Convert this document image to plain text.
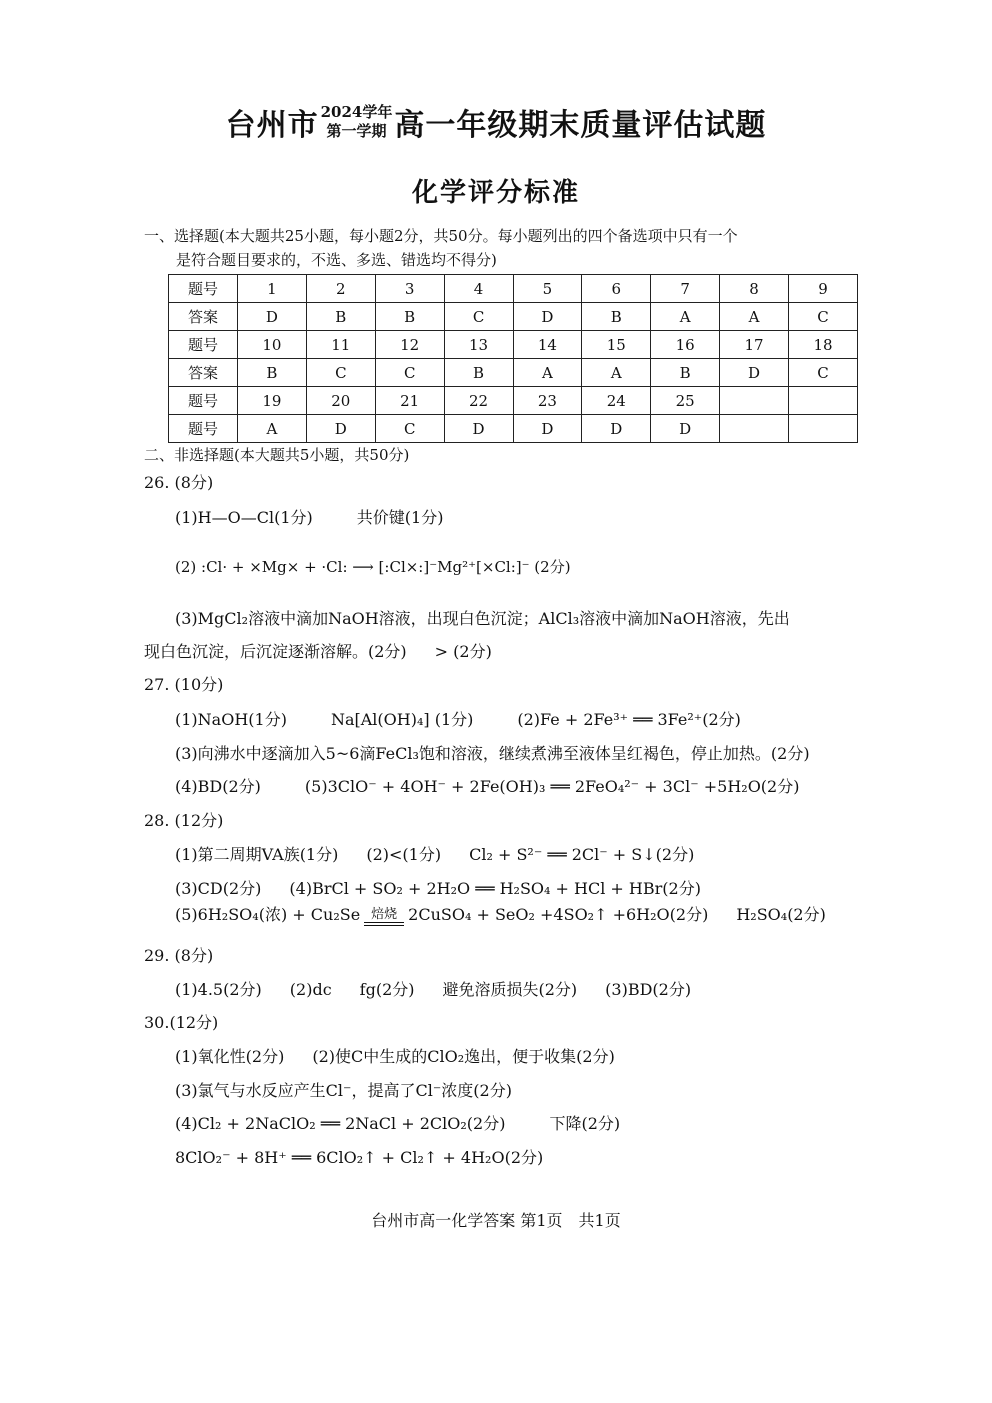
台州市 2024学年
第一学期 高一年级期末质量评估试题
化学评分标准
一、选择题(本大题共25小题，每小题2分，共50分。每小题列出的四个备选项中只有一个
是符合题目要求的，不选、多选、错选均不得分)
题号	1	2	3	4	5	6	7	8	9
答案	D	B	B	C	D	B	A	A	C
题号	10	11	12	13	14	15	16	17	18
答案	B	C	C	B	A	A	B	D	C
题号	19	20	21	22	23	24	25		
题号	A	D	C	D	D	D	D		
二、非选择题(本大题共5小题，共50分)
26. (8分)
(1)H—O—Cl(1分)	共价键(1分)
(2) :Cl· + ×Mg× + ·Cl: ⟶ [:Cl×:]⁻Mg²⁺[×Cl:]⁻ (2分)
(3)MgCl₂溶液中滴加NaOH溶液，出现白色沉淀；AlCl₃溶液中滴加NaOH溶液，先出
现白色沉淀，后沉淀逐渐溶解。(2分) > (2分)
27. (10分)
(1)NaOH(1分)	Na[Al(OH)₄] (1分)	(2)Fe + 2Fe³⁺ ══ 3Fe²⁺(2分)
(3)向沸水中逐滴加入5~6滴FeCl₃饱和溶液，继续煮沸至液体呈红褐色，停止加热。(2分)
(4)BD(2分)	(5)3ClO⁻ + 4OH⁻ + 2Fe(OH)₃ ══ 2FeO₄²⁻ + 3Cl⁻ +5H₂O(2分)
28. (12分)
(1)第二周期VA族(1分) (2)<(1分) Cl₂ + S²⁻ ══ 2Cl⁻ + S↓(2分)
(3)CD(2分) (4)BrCl + SO₂ + 2H₂O ══ H₂SO₄ + HCl + HBr(2分)
(5)6H₂SO₄(浓) + Cu₂Se 焙烧 2CuSO₄ + SeO₂ +4SO₂↑ +6H₂O(2分) H₂SO₄(2分)
29. (8分)
(1)4.5(2分) (2)dc fg(2分) 避免溶质损失(2分) (3)BD(2分)
30.(12分)
(1)氧化性(2分) (2)使C中生成的ClO₂逸出，便于收集(2分)
(3)氯气与水反应产生Cl⁻，提高了Cl⁻浓度(2分)
(4)Cl₂ + 2NaClO₂ ══ 2NaCl + 2ClO₂(2分)	下降(2分)
8ClO₂⁻ + 8H⁺ ══ 6ClO₂↑ + Cl₂↑ + 4H₂O(2分)
台州市高一化学答案 第1页　共1页
